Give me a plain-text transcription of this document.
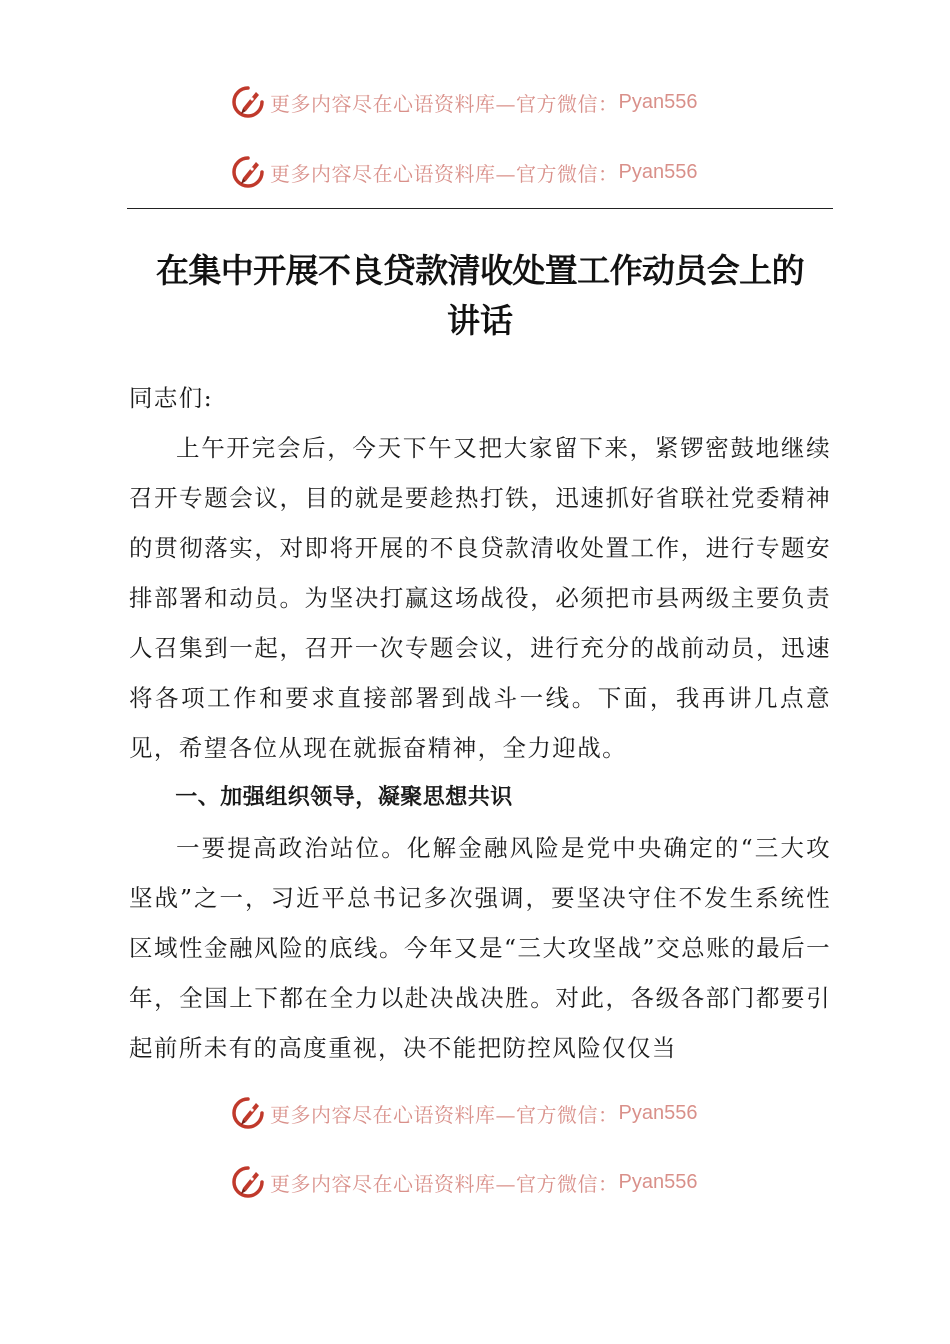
更多内容尽在心语资料库—官方微信： Pyan556
更多内容尽在心语资料库—官方微信： Pyan556
在集中开展不良贷款清收处置工作动员会上的
讲话

同志们:

上午开完会后，今天下午又把大家留下来，紧锣密鼓地继续召开专题会议，目的就是要趁热打铁，迅速抓好省联社党委精神的贯彻落实，对即将开展的不良贷款清收处置工作，进行专题安排部署和动员。为坚决打赢这场战役，必须把市县两级主要负责人召集到一起，召开一次专题会议，进行充分的战前动员，迅速将各项工作和要求直接部署到战斗一线。下面，我再讲几点意见，希望各位从现在就振奋精神，全力迎战。

一、加强组织领导，凝聚思想共识

一要提高政治站位。化解金融风险是党中央确定的“三大攻坚战”之一，习近平总书记多次强调，要坚决守住不发生系统性区域性金融风险的底线。今年又是“三大攻坚战”交总账的最后一年，全国上下都在全力以赴决战决胜。对此，各级各部门都要引起前所未有的高度重视，决不能把防控风险仅仅当

更多内容尽在心语资料库—官方微信： Pyan556
更多内容尽在心语资料库—官方微信： Pyan556
